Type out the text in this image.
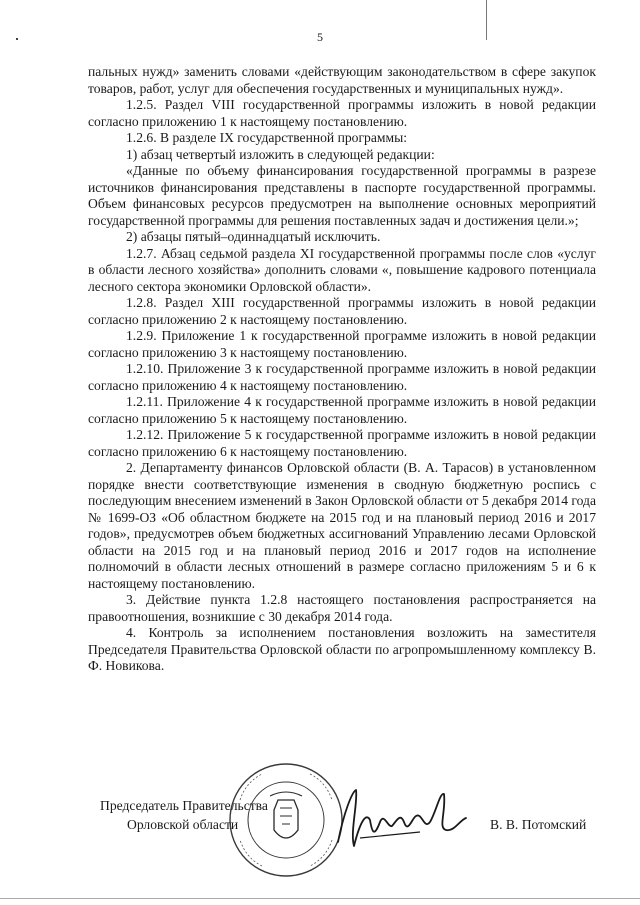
5

пальных нужд» заменить словами «действующим законодательством в сфере закупок товаров, работ, услуг для обеспечения государственных и муниципальных нужд».

1.2.5. Раздел VIII государственной программы изложить в новой редакции согласно приложению 1 к настоящему постановлению.

1.2.6. В разделе IX государственной программы:

1) абзац четвертый изложить в следующей редакции:

«Данные по объему финансирования государственной программы в разрезе источников финансирования представлены в паспорте государственной программы. Объем финансовых ресурсов предусмотрен на выполнение основных мероприятий государственной программы для решения поставленных задач и достижения цели.»;

2) абзацы пятый–одиннадцатый исключить.

1.2.7. Абзац седьмой раздела XI государственной программы после слов «услуг в области лесного хозяйства» дополнить словами «, повышение кадрового потенциала лесного сектора экономики Орловской области».

1.2.8. Раздел XIII государственной программы изложить в новой редакции согласно приложению 2 к настоящему постановлению.

1.2.9. Приложение 1 к государственной программе изложить в новой редакции согласно приложению 3 к настоящему постановлению.

1.2.10. Приложение 3 к государственной программе изложить в новой редакции согласно приложению 4 к настоящему постановлению.

1.2.11. Приложение 4 к государственной программе изложить в новой редакции согласно приложению 5 к настоящему постановлению.

1.2.12. Приложение 5 к государственной программе изложить в новой редакции согласно приложению 6 к настоящему постановлению.

2. Департаменту финансов Орловской области (В. А. Тарасов) в установленном порядке внести соответствующие изменения в сводную бюджетную роспись с последующим внесением изменений в Закон Орловской области от 5 декабря 2014 года № 1699-ОЗ «Об областном бюджете на 2015 год и на плановый период 2016 и 2017 годов», предусмотрев объем бюджетных ассигнований Управлению лесами Орловской области на 2015 год и на плановый период 2016 и 2017 годов на исполнение полномочий в области лесных отношений в размере согласно приложениям 5 и 6 к настоящему постановлению.

3. Действие пункта 1.2.8 настоящего постановления распространяется на правоотношения, возникшие с 30 декабря 2014 года.

4. Контроль за исполнением постановления возложить на заместителя Председателя Правительства Орловской области по агропромышленному комплексу В. Ф. Новикова.

Председатель Правительства
Орловской области	В. В. Потомский
